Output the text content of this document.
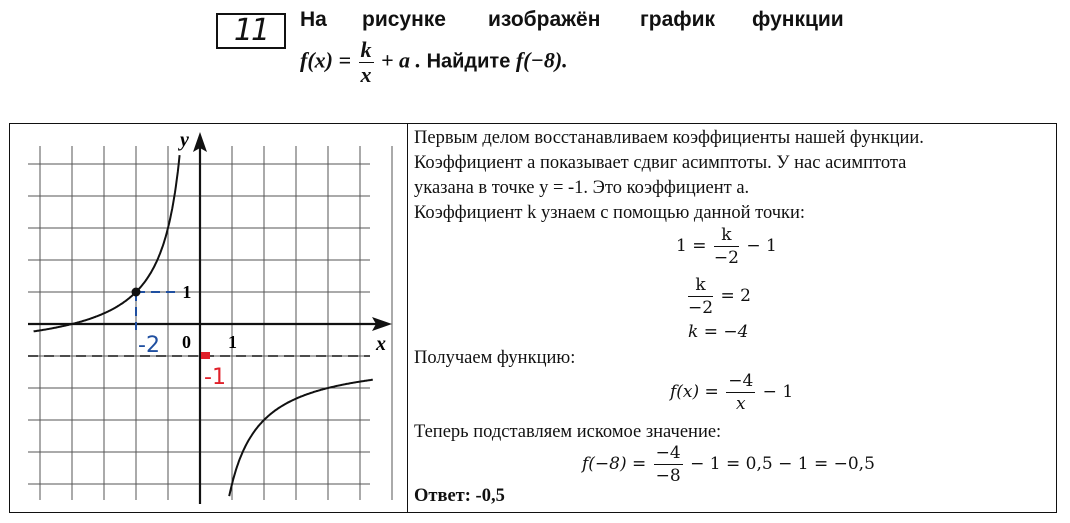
11	На рисунке изображён график функции
$f(x) = \frac{k}{x} + a$ . Найдите f(−8).
y
x
0 1
1
-2
-1
Первым делом восстанавливаем коэффициенты нашей функции.
Коэффициент а показывает сдвиг асимптоты. У нас асимптота
указана в точке y = -1. Это коэффициент а.
Коэффициент k узнаем с помощью данной точки:
$1 = \frac{k}{-2} - 1$
$\frac{k}{-2} = 2$
k = −4
Получаем функцию:
$f(x) = \frac{-4}{x} - 1$
Теперь подставляем искомое значение:
$f(-8) = \frac{-4}{-8} - 1 = 0,5 - 1 = -0,5$
Ответ: -0,5
